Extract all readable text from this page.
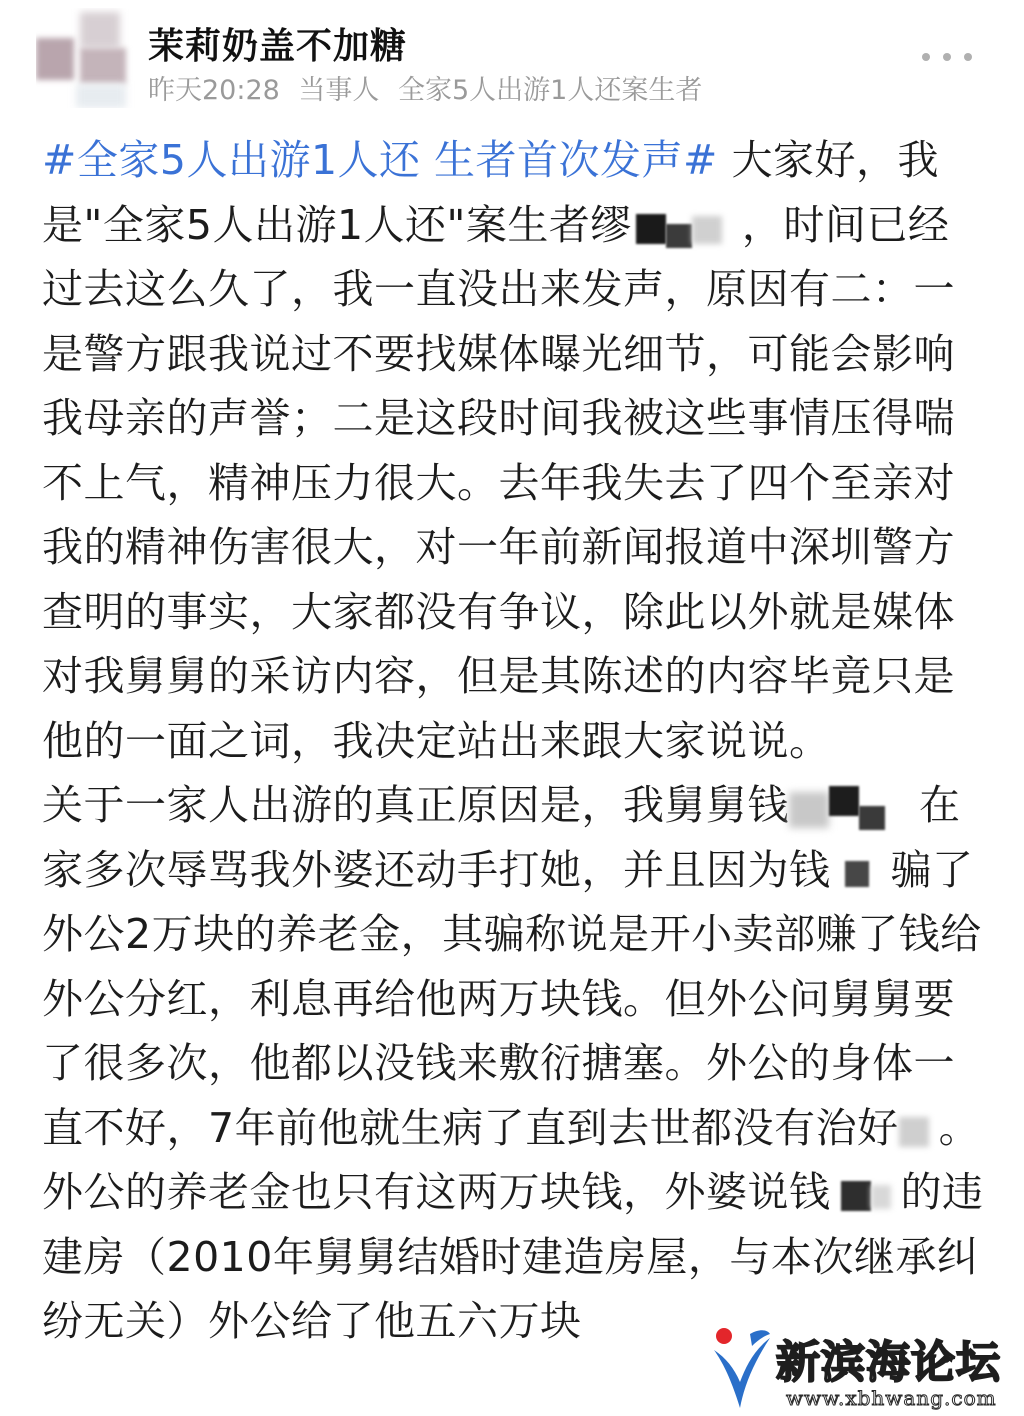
茉莉奶盖不加糖
昨天20:28 当事人 全家5人出游1人还案生者

#全家5人出游1人还 生者首次发声# 大家好，我是"全家5人出游1人还"案生者缪	，时间已经过去这么久了，我一直没出来发声，原因有二：一是警方跟我说过不要找媒体曝光细节，可能会影响我母亲的声誉；二是这段时间我被这些事情压得喘不上气，精神压力很大。去年我失去了四个至亲对我的精神伤害很大，对一年前新闻报道中深圳警方查明的事实，大家都没有争议，除此以外就是媒体对我舅舅的采访内容，但是其陈述的内容毕竟只是他的一面之词，我决定站出来跟大家说说。

关于一家人出游的真正原因是，我舅舅钱	在家多次辱骂我外婆还动手打她，并且因为钱 骗了外公2万块的养老金，其骗称说是开小卖部赚了钱给外公分红，利息再给他两万块钱。但外公问舅舅要了很多次，他都以没钱来敷衍搪塞。外公的身体一直不好，7年前他就生病了直到去世都没有治好 。外公的养老金也只有这两万块钱，外婆说钱 的违建房（2010年舅舅结婚时建造房屋，与本次继承纠纷无关）外公给了他五六万块

新滨海论坛
www.xbhwang.com
